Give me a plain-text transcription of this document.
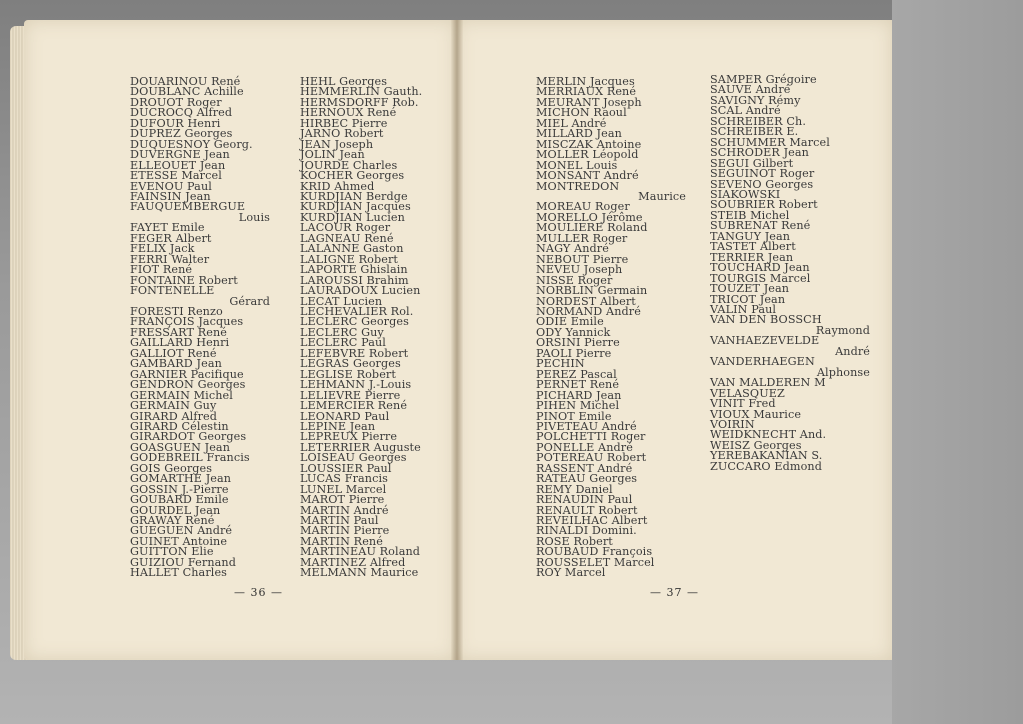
DOUARINOU René
DOUBLANC Achille
DROUOT Roger
DUCROCQ Alfred
DUFOUR Henri
DUPREZ Georges
DUQUESNOY Georg.
DUVERGNE Jean
ELLEOUET Jean
ETESSE Marcel
EVENOU Paul
FAINSIN Jean
FAUQUEMBERGUE
Louis
FAYET Emile
FEGER Albert
FELIX Jack
FERRI Walter
FIOT René
FONTAINE Robert
FONTENELLE
Gérard
FORESTI Renzo
FRANÇOIS Jacques
FRESSART René
GAILLARD Henri
GALLIOT René
GAMBARD Jean
GARNIER Pacifique
GENDRON Georges
GERMAIN Michel
GERMAIN Guy
GIRARD Alfred
GIRARD Célestin
GIRARDOT Georges
GOASGUEN Jean
GODEBREIL Francis
GOIS Georges
GOMARTHE Jean
GOSSIN J.-Pierre
GOUBARD Emile
GOURDEL Jean
GRAWAY René
GUEGUEN André
GUINET Antoine
GUITTON Elie
GUIZIOU Fernand
HALLET Charles
HEHL Georges
HEMMERLIN Gauth.
HERMSDORFF Rob.
HERNOUX René
HIRBEC Pierre
JARNO Robert
JEAN Joseph
JOLIN Jean
JOURDE Charles
KOCHER Georges
KRID Ahmed
KURDJIAN Berdge
KURDJIAN Jacques
KURDJIAN Lucien
LACOUR Roger
LAGNEAU René
LALANNE Gaston
LALIGNE Robert
LAPORTE Ghislain
LAROUSSI Brahim
LAURADOUX Lucien
LECAT Lucien
LECHEVALIER Rol.
LECLERC Georges
LECLERC Guy
LECLERC Paul
LEFEBVRE Robert
LEGRAS Georges
LEGLISE Robert
LEHMANN J.-Louis
LELIEVRE Pierre
LEMERCIER René
LEONARD Paul
LEPINE Jean
LEPREUX Pierre
LETERRIER Auguste
LOISEAU Georges
LOUSSIER Paul
LUCAS Francis
LUNEL Marcel
MAROT Pierre
MARTIN André
MARTIN Paul
MARTIN Pierre
MARTIN René
MARTINEAU Roland
MARTINEZ Alfred
MELMANN Maurice
— 36 —
MERLIN Jacques
MERRIAUX René
MEURANT Joseph
MICHON Raoul
MIEL André
MILLARD Jean
MISCZAK Antoine
MOLLER Léopold
MONEL Louis
MONSANT André
MONTREDON
Maurice
MOREAU Roger
MORELLO Jérôme
MOULIERE Roland
MULLER Roger
NAGY André
NEBOUT Pierre
NEVEU Joseph
NISSE Roger
NORBLIN Germain
NORDEST Albert
NORMAND André
ODIE Emile
ODY Yannick
ORSINI Pierre
PAOLI Pierre
PECHIN
PEREZ Pascal
PERNET René
PICHARD Jean
PIHEN Michel
PINOT Emile
PIVETEAU André
POLCHETTI Roger
PONELLE André
POTEREAU Robert
RASSENT André
RATEAU Georges
REMY Daniel
RENAUDIN Paul
RENAULT Robert
REVEILHAC Albert
RINALDI Domini.
ROSE Robert
ROUBAUD François
ROUSSELET Marcel
ROY Marcel
SAMPER Grégoire
SAUVE André
SAVIGNY Rémy
SCAL André
SCHREIBER Ch.
SCHREIBER E.
SCHUMMER Marcel
SCHRODER Jean
SEGUI Gilbert
SEGUINOT Roger
SEVENO Georges
SIAKOWSKI
SOUBRIER Robert
STEIB Michel
SUBRENAT René
TANGUY Jean
TASTET Albert
TERRIER Jean
TOUCHARD Jean
TOURGIS Marcel
TOUZET Jean
TRICOT Jean
VALIN Paul
VAN DEN BOSSCH
Raymond
VANHAEZEVELDE
André
VANDERHAEGEN
Alphonse
VAN MALDEREN M
VELASQUEZ
VINIT Fred
VIOUX Maurice
VOIRIN
WEIDKNECHT And.
WEISZ Georges
YEREBAKANIAN S.
ZUCCARO Edmond
— 37 —
